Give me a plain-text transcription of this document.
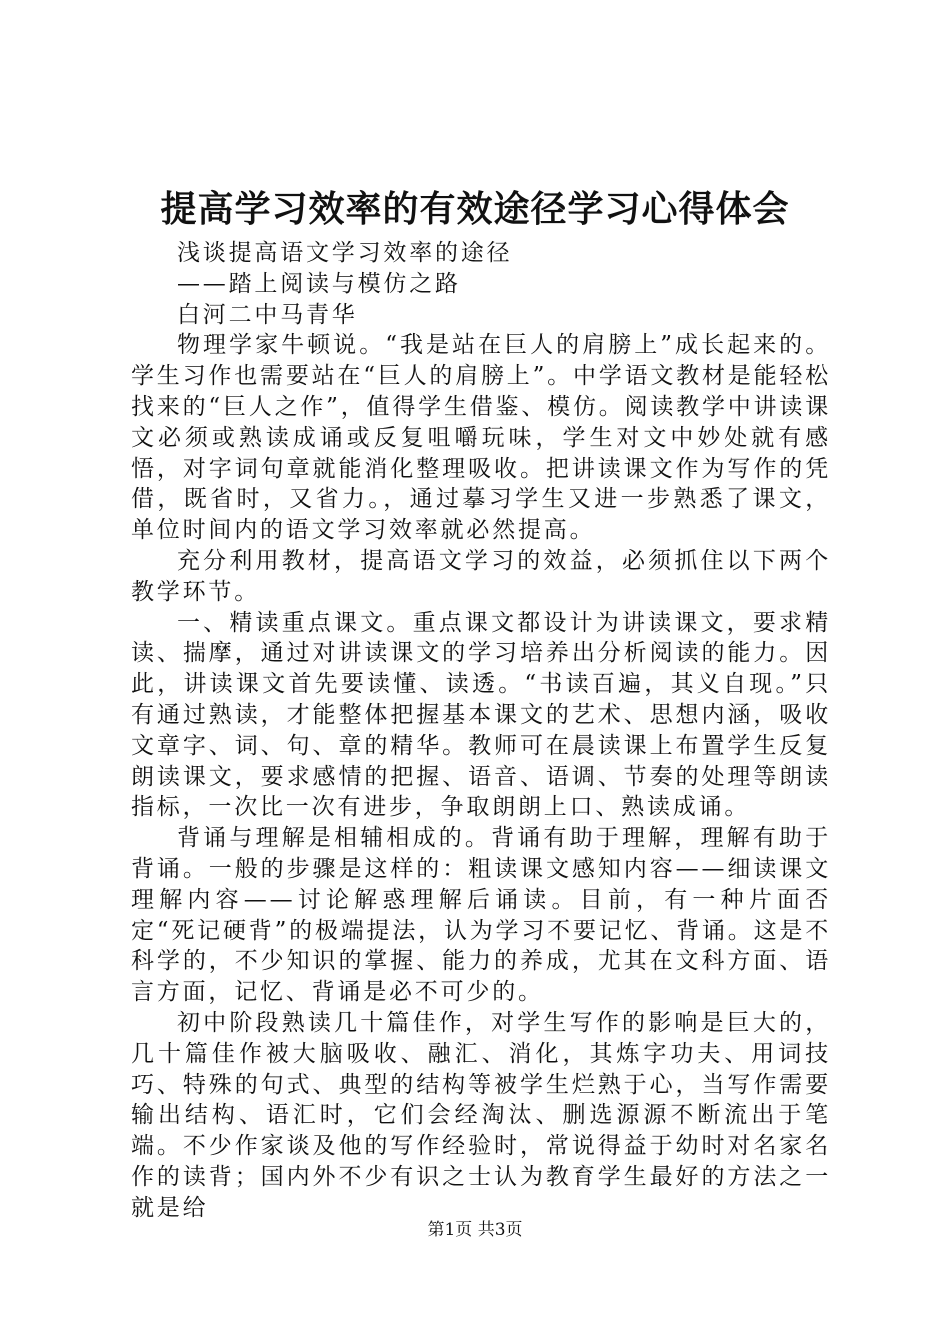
提高学习效率的有效途径学习心得体会

浅谈提高语文学习效率的途径

——踏上阅读与模仿之路

白河二中马青华

物理学家牛顿说。“我是站在巨人的肩膀上”成长起来的。学生习作也需要站在“巨人的肩膀上”。中学语文教材是能轻松找来的“巨人之作”，值得学生借鉴、模仿。阅读教学中讲读课文必须或熟读成诵或反复咀嚼玩味，学生对文中妙处就有感悟，对字词句章就能消化整理吸收。把讲读课文作为写作的凭借，既省时，又省力。，通过摹习学生又进一步熟悉了课文，单位时间内的语文学习效率就必然提高。

充分利用教材，提高语文学习的效益，必须抓住以下两个教学环节。

一、精读重点课文。重点课文都设计为讲读课文，要求精读、揣摩，通过对讲读课文的学习培养出分析阅读的能力。因此，讲读课文首先要读懂、读透。“书读百遍，其义自现。”只有通过熟读，才能整体把握基本课文的艺术、思想内涵，吸收文章字、词、句、章的精华。教师可在晨读课上布置学生反复朗读课文，要求感情的把握、语音、语调、节奏的处理等朗读指标，一次比一次有进步，争取朗朗上口、熟读成诵。

背诵与理解是相辅相成的。背诵有助于理解，理解有助于背诵。一般的步骤是这样的：粗读课文感知内容——细读课文理解内容——讨论解惑理解后诵读。目前，有一种片面否定“死记硬背”的极端提法，认为学习不要记忆、背诵。这是不科学的，不少知识的掌握、能力的养成，尤其在文科方面、语言方面，记忆、背诵是必不可少的。

初中阶段熟读几十篇佳作，对学生写作的影响是巨大的，几十篇佳作被大脑吸收、融汇、消化，其炼字功夫、用词技巧、特殊的句式、典型的结构等被学生烂熟于心，当写作需要输出结构、语汇时，它们会经淘汰、删选源源不断流出于笔端。不少作家谈及他的写作经验时，常说得益于幼时对名家名作的读背；国内外不少有识之士认为教育学生最好的方法之一就是给

第1页 共3页
